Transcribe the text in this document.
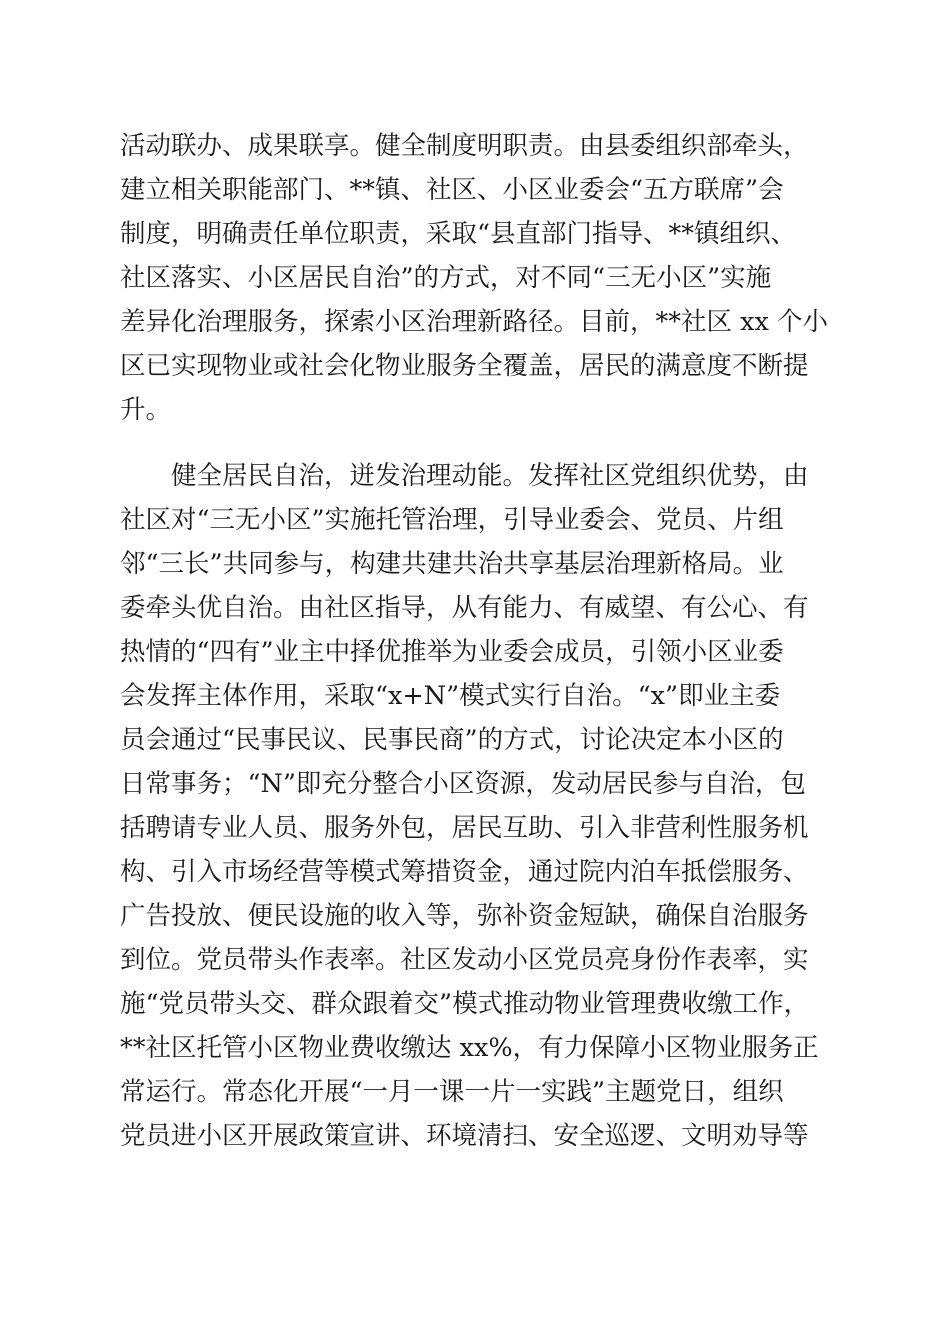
活动联办、成果联享。健全制度明职责。由县委组织部牵头，
建立相关职能部门、**镇、社区、小区业委会“五方联席”会
制度，明确责任单位职责，采取“县直部门指导、**镇组织、
社区落实、小区居民自治”的方式，对不同“三无小区”实施
差异化治理服务，探索小区治理新路径。目前，**社区 xx 个小
区已实现物业或社会化物业服务全覆盖，居民的满意度不断提
升。
健全居民自治，迸发治理动能。发挥社区党组织优势，由
社区对“三无小区”实施托管治理，引导业委会、党员、片组
邻“三长”共同参与，构建共建共治共享基层治理新格局。业
委牵头优自治。由社区指导，从有能力、有威望、有公心、有
热情的“四有”业主中择优推举为业委会成员，引领小区业委
会发挥主体作用，采取“x+N”模式实行自治。“x”即业主委
员会通过“民事民议、民事民商”的方式，讨论决定本小区的
日常事务；“N”即充分整合小区资源，发动居民参与自治，包
括聘请专业人员、服务外包，居民互助、引入非营利性服务机
构、引入市场经营等模式筹措资金，通过院内泊车抵偿服务、
广告投放、便民设施的收入等，弥补资金短缺，确保自治服务
到位。党员带头作表率。社区发动小区党员亮身份作表率，实
施“党员带头交、群众跟着交”模式推动物业管理费收缴工作，
**社区托管小区物业费收缴达 xx%，有力保障小区物业服务正
常运行。常态化开展“一月一课一片一实践”主题党日，组织
党员进小区开展政策宣讲、环境清扫、安全巡逻、文明劝导等
